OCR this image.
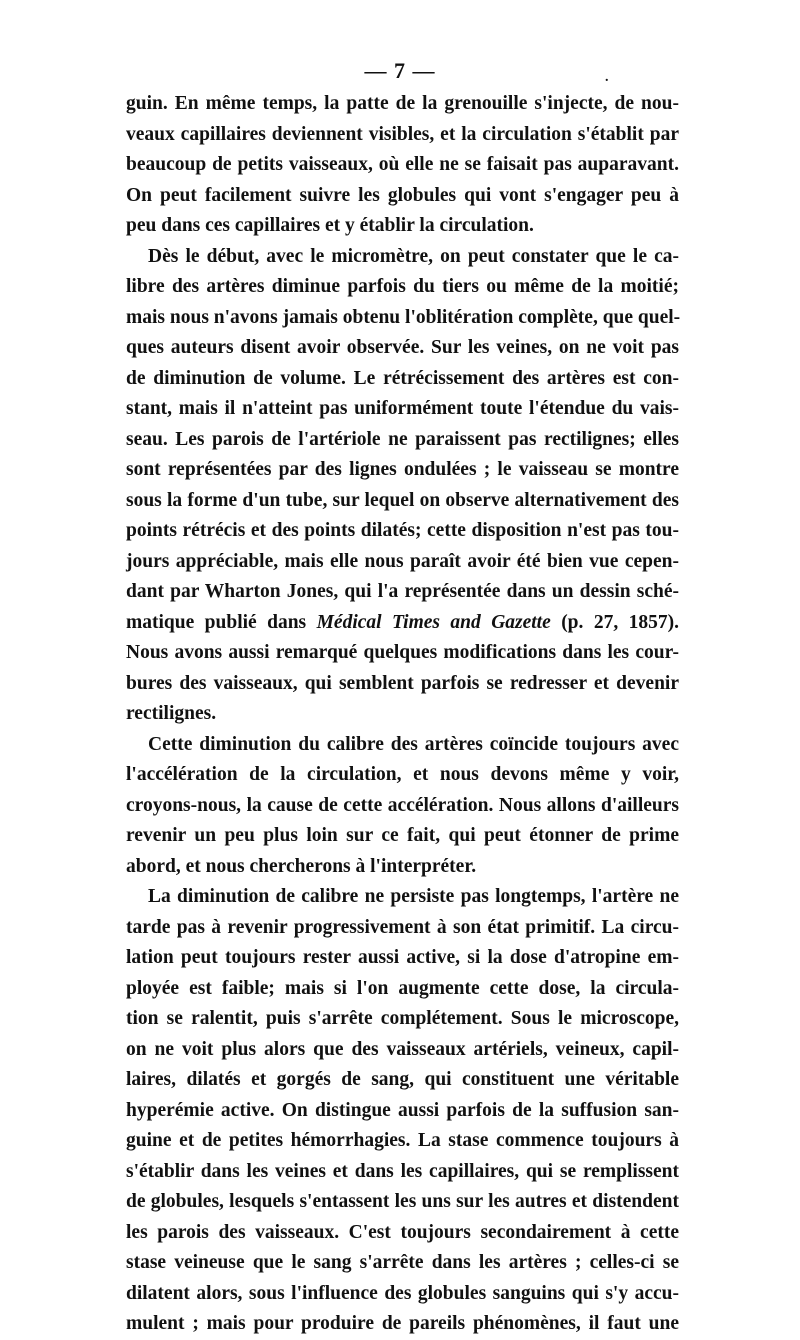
— 7 —	.
guin. En même temps, la patte de la grenouille s'injecte, de nou-
veaux capillaires deviennent visibles, et la circulation s'établit par
beaucoup de petits vaisseaux, où elle ne se faisait pas auparavant.
On peut facilement suivre les globules qui vont s'engager peu à
peu dans ces capillaires et y établir la circulation.
Dès le début, avec le micromètre, on peut constater que le ca-
libre des artères diminue parfois du tiers ou même de la moitié;
mais nous n'avons jamais obtenu l'oblitération complète, que quel-
ques auteurs disent avoir observée. Sur les veines, on ne voit pas
de diminution de volume. Le rétrécissement des artères est con-
stant, mais il n'atteint pas uniformément toute l'étendue du vais-
seau. Les parois de l'artériole ne paraissent pas rectilignes; elles
sont représentées par des lignes ondulées ; le vaisseau se montre
sous la forme d'un tube, sur lequel on observe alternativement des
points rétrécis et des points dilatés; cette disposition n'est pas tou-
jours appréciable, mais elle nous paraît avoir été bien vue cepen-
dant par Wharton Jones, qui l'a représentée dans un dessin sché-
matique publié dans Médical Times and Gazette (p. 27, 1857).
Nous avons aussi remarqué quelques modifications dans les cour-
bures des vaisseaux, qui semblent parfois se redresser et devenir
rectilignes.
Cette diminution du calibre des artères coïncide toujours avec
l'accélération de la circulation, et nous devons même y voir,
croyons-nous, la cause de cette accélération. Nous allons d'ailleurs
revenir un peu plus loin sur ce fait, qui peut étonner de prime
abord, et nous chercherons à l'interpréter.
La diminution de calibre ne persiste pas longtemps, l'artère ne
tarde pas à revenir progressivement à son état primitif. La circu-
lation peut toujours rester aussi active, si la dose d'atropine em-
ployée est faible; mais si l'on augmente cette dose, la circula-
tion se ralentit, puis s'arrête complétement. Sous le microscope,
on ne voit plus alors que des vaisseaux artériels, veineux, capil-
laires, dilatés et gorgés de sang, qui constituent une véritable
hyperémie active. On distingue aussi parfois de la suffusion san-
guine et de petites hémorrhagies. La stase commence toujours à
s'établir dans les veines et dans les capillaires, qui se remplissent
de globules, lesquels s'entassent les uns sur les autres et distendent
les parois des vaisseaux. C'est toujours secondairement à cette
stase veineuse que le sang s'arrête dans les artères ; celles-ci se
dilatent alors, sous l'influence des globules sanguins qui s'y accu-
mulent ; mais pour produire de pareils phénomènes, il faut une
